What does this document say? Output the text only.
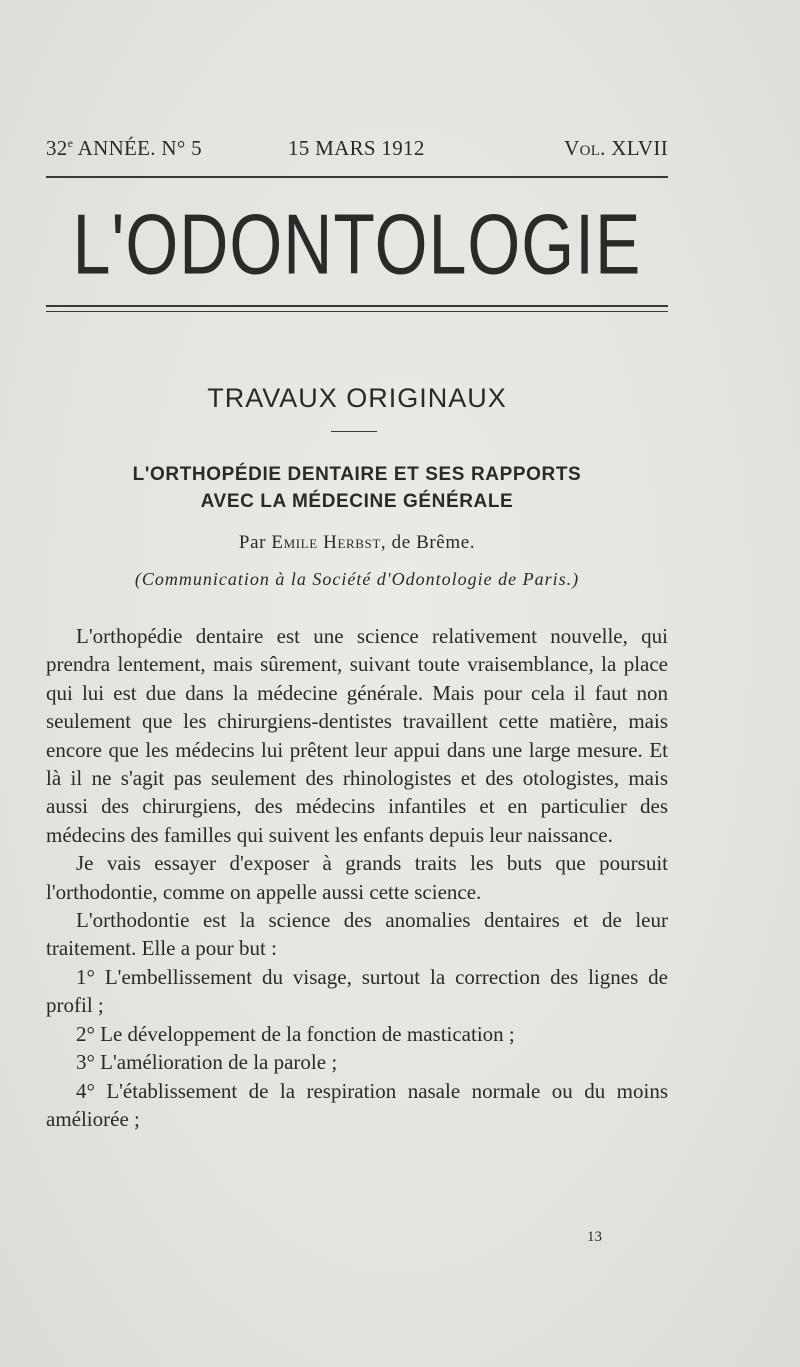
32e ANNÉE. N° 5	15 MARS 1912	Vol. XLVII
L'ODONTOLOGIE
TRAVAUX ORIGINAUX
L'ORTHOPÉDIE DENTAIRE ET SES RAPPORTS
AVEC LA MÉDECINE GÉNÉRALE
Par Emile Herbst, de Brême.
(Communication à la Société d'Odontologie de Paris.)

L'orthopédie dentaire est une science relativement nouvelle, qui prendra lentement, mais sûrement, suivant toute vraisemblance, la place qui lui est due dans la médecine générale. Mais pour cela il faut non seulement que les chirurgiens-dentistes travaillent cette matière, mais encore que les médecins lui prêtent leur appui dans une large mesure. Et là il ne s'agit pas seulement des rhinologistes et des otologistes, mais aussi des chirurgiens, des médecins infantiles et en particulier des médecins des familles qui suivent les enfants depuis leur naissance.

Je vais essayer d'exposer à grands traits les buts que poursuit l'orthodontie, comme on appelle aussi cette science.

L'orthodontie est la science des anomalies dentaires et de leur traitement. Elle a pour but :

1° L'embellissement du visage, surtout la correction des lignes de profil ;

2° Le développement de la fonction de mastication ;

3° L'amélioration de la parole ;

4° L'établissement de la respiration nasale normale ou du moins améliorée ;

13
